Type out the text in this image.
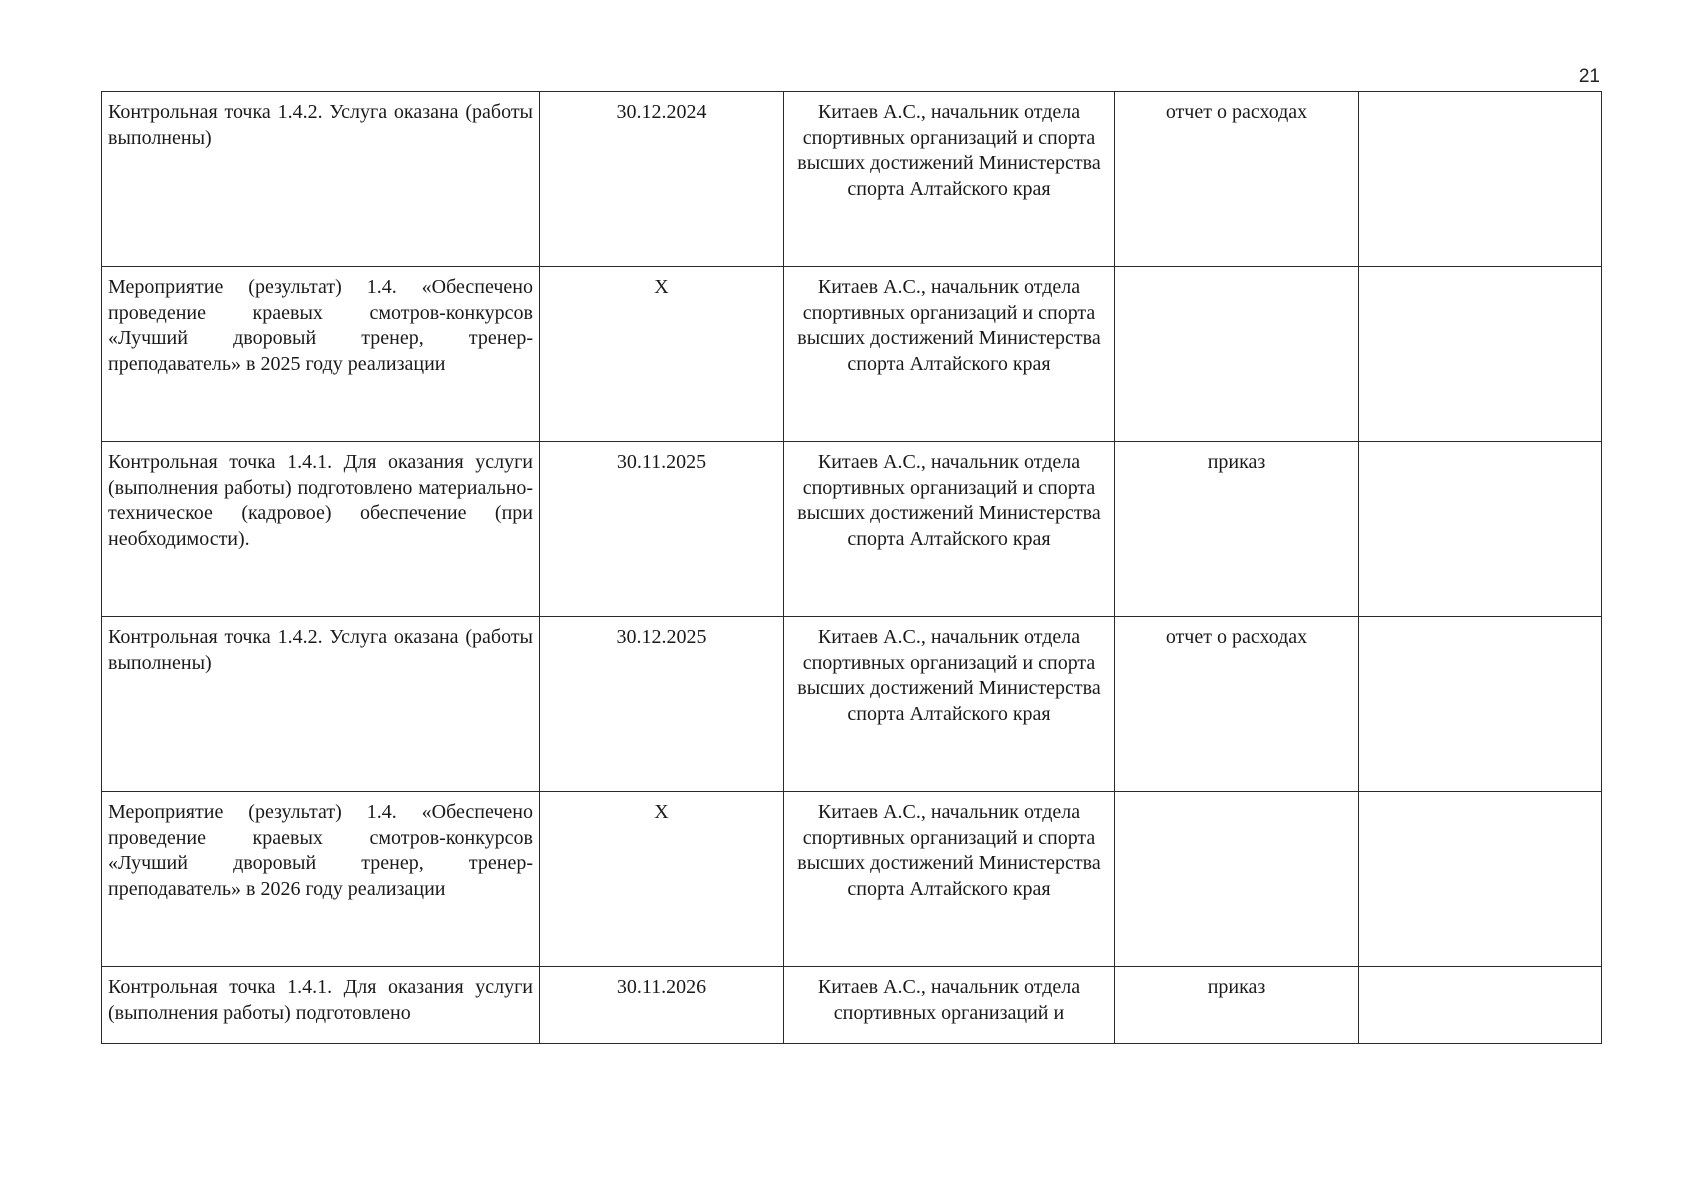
21
Контрольная точка 1.4.2. Услуга оказана (работы выполнены)	30.12.2024	Китаев А.С., начальник отдела спортивных организаций и спорта высших достижений Министерства спорта Алтайского края	отчет о расходах	
Мероприятие (результат) 1.4. «Обеспечено проведение краевых смотров-конкурсов «Лучший дворовый тренер, тренер-преподаватель» в 2025 году реализации	X	Китаев А.С., начальник отдела спортивных организаций и спорта высших достижений Министерства спорта Алтайского края		
Контрольная точка 1.4.1. Для оказания услуги (выполнения работы) подготовлено материально-техническое (кадровое) обеспечение (при необходимости).	30.11.2025	Китаев А.С., начальник отдела спортивных организаций и спорта высших достижений Министерства спорта Алтайского края	приказ	
Контрольная точка 1.4.2. Услуга оказана (работы выполнены)	30.12.2025	Китаев А.С., начальник отдела спортивных организаций и спорта высших достижений Министерства спорта Алтайского края	отчет о расходах	
Мероприятие (результат) 1.4. «Обеспечено проведение краевых смотров-конкурсов «Лучший дворовый тренер, тренер-преподаватель» в 2026 году реализации	X	Китаев А.С., начальник отдела спортивных организаций и спорта высших достижений Министерства спорта Алтайского края		
Контрольная точка 1.4.1. Для оказания услуги (выполнения работы) подготовлено	30.11.2026	Китаев А.С., начальник отдела спортивных организаций и	приказ	
